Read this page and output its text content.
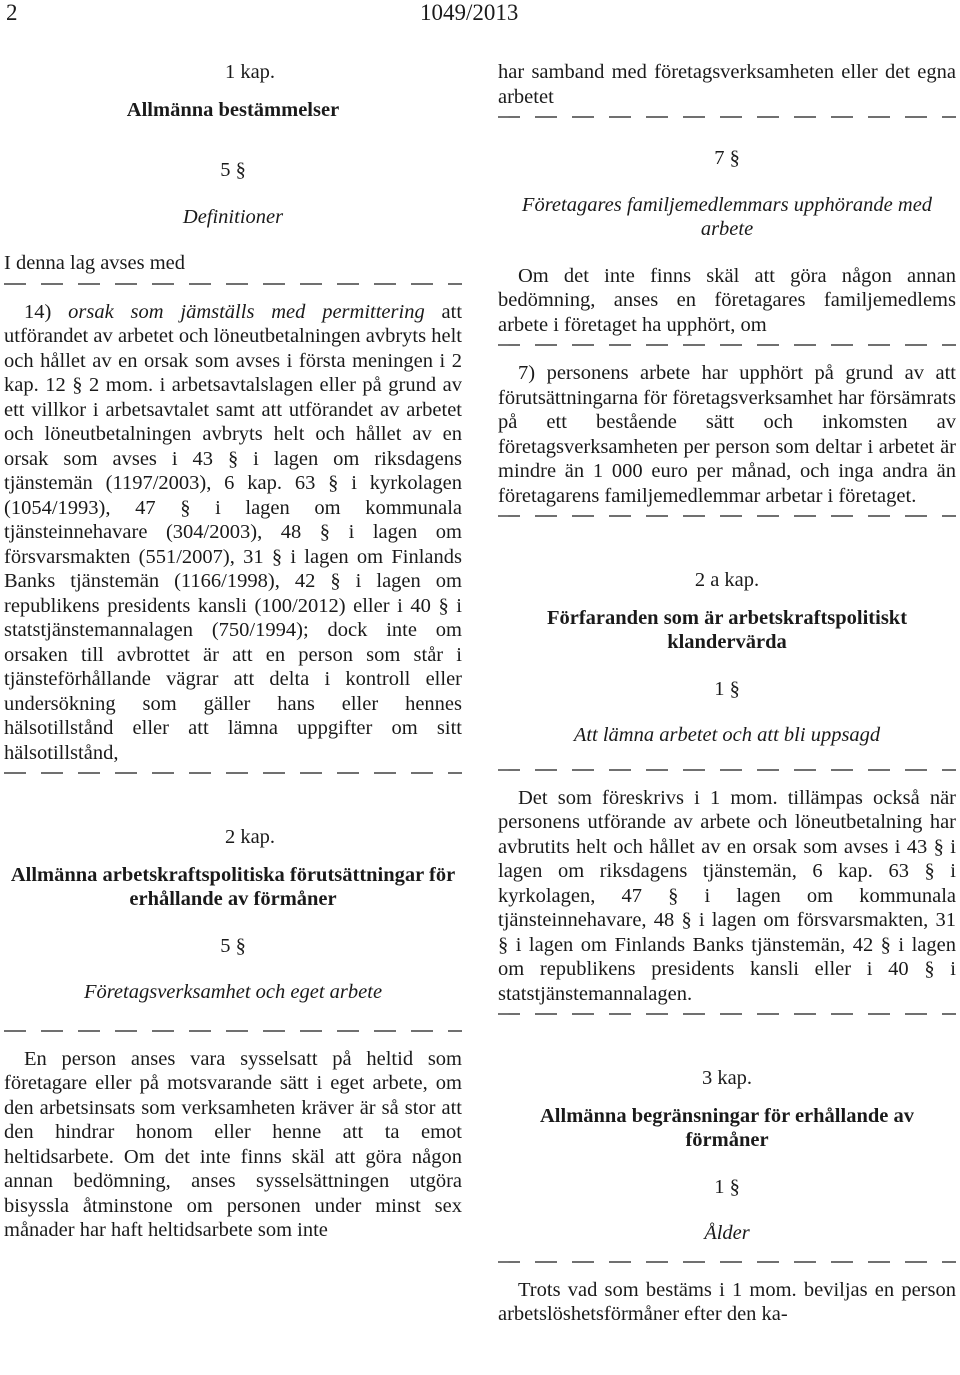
2	1049/2013

1 kap.

Allmänna bestämmelser

5 §

Definitioner

I denna lag avses med

14) orsak som jämställs med permittering att utförandet av arbetet och löneutbetalningen avbryts helt och hållet av en orsak som avses i första meningen i 2 kap. 12 § 2 mom. i arbetsavtalslagen eller på grund av ett villkor i arbetsavtalet samt att utförandet av arbetet och löneutbetalningen avbryts helt och hållet av en orsak som avses i 43 § i lagen om riksdagens tjänstemän (1197/2003), 6 kap. 63 § i kyrkolagen (1054/1993), 47 § i lagen om kommunala tjänsteinnehavare (304/2003), 48 § i lagen om försvarsmakten (551/2007), 31 § i lagen om Finlands Banks tjänstemän (1166/1998), 42 § i lagen om republikens presidents kansli (100/2012) eller i 40 § i statstjänstemannalagen (750/1994); dock inte om orsaken till avbrottet är att en person som står i tjänsteförhållande vägrar att delta i kontroll eller undersökning som gäller hans eller hennes hälsotillstånd eller att lämna uppgifter om sitt hälsotillstånd,

2 kap.

Allmänna arbetskraftspolitiska förutsättningar för erhållande av förmåner

5 §

Företagsverksamhet och eget arbete

En person anses vara sysselsatt på heltid som företagare eller på motsvarande sätt i eget arbete, om den arbetsinsats som verksamheten kräver är så stor att den hindrar honom eller henne att ta emot heltidsarbete. Om det inte finns skäl att göra någon annan bedömning, anses sysselsättningen utgöra bisyssla åtminstone om personen under minst sex månader har haft heltidsarbete som inte

har samband med företagsverksamheten eller det egna arbetet

7 §

Företagares familjemedlemmars upphörande med arbete

Om det inte finns skäl att göra någon annan bedömning, anses en företagares familjemedlems arbete i företaget ha upphört, om

7) personens arbete har upphört på grund av att förutsättningarna för företagsverksamhet har försämrats på ett bestående sätt och inkomsten av företagsverksamheten per person som deltar i arbetet är mindre än 1 000 euro per månad, och inga andra än företagarens familjemedlemmar arbetar i företaget.

2 a kap.

Förfaranden som är arbetskraftspolitiskt klandervärda

1 §

Att lämna arbetet och att bli uppsagd

Det som föreskrivs i 1 mom. tillämpas också när personens utförande av arbete och löneutbetalning har avbrutits helt och hållet av en orsak som avses i 43 § i lagen om riksdagens tjänstemän, 6 kap. 63 § i kyrkolagen, 47 § i lagen om kommunala tjänsteinnehavare, 48 § i lagen om försvarsmakten, 31 § i lagen om Finlands Banks tjänstemän, 42 § i lagen om republikens presidents kansli eller i 40 § i statstjänstemannalagen.

3 kap.

Allmänna begränsningar för erhållande av förmåner

1 §

Ålder

Trots vad som bestäms i 1 mom. beviljas en person arbetslöshetsförmåner efter den ka-
